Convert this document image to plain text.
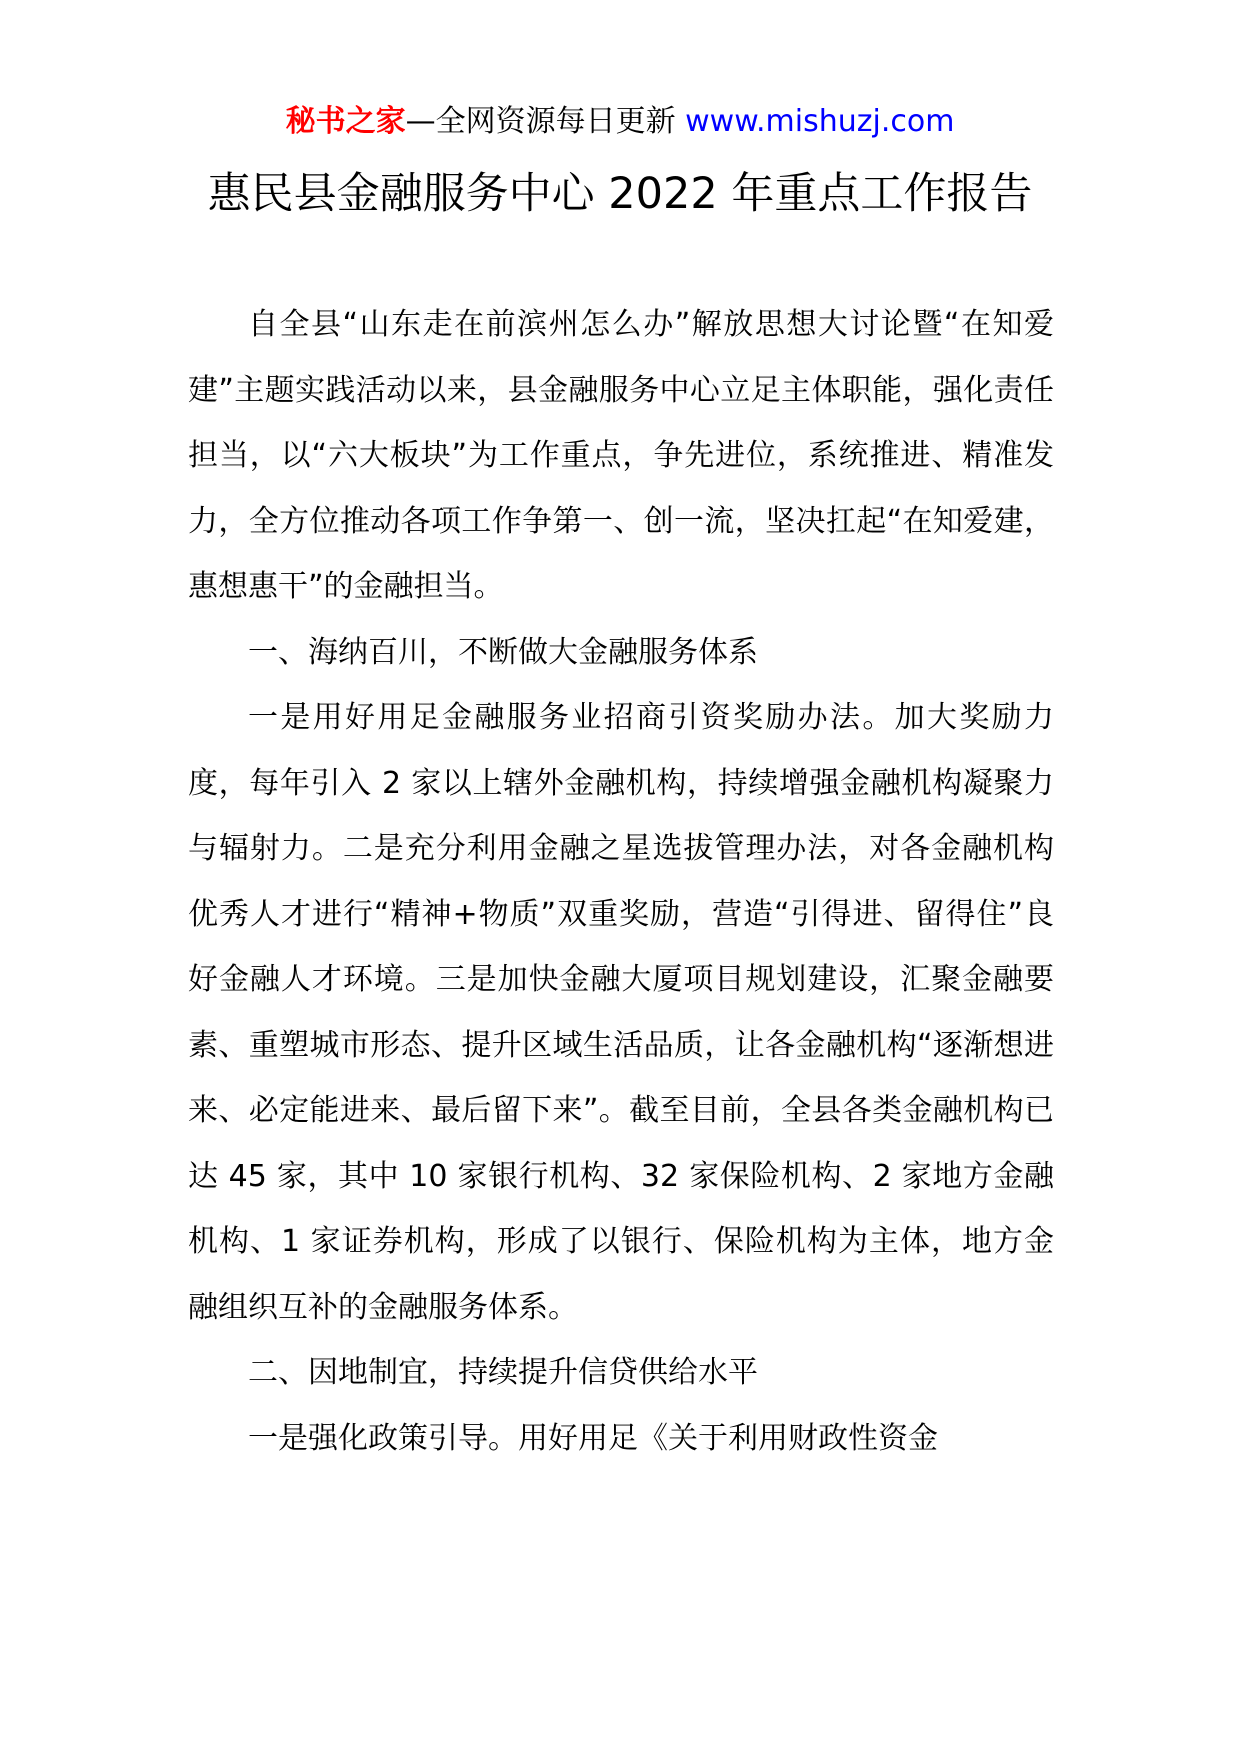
秘书之家—全网资源每日更新 www.mishuzj.com
惠民县金融服务中心 2022 年重点工作报告

自全县“山东走在前滨州怎么办”解放思想大讨论暨“在知爱建”主题实践活动以来，县金融服务中心立足主体职能，强化责任担当，以“六大板块”为工作重点，争先进位，系统推进、精准发力，全方位推动各项工作争第一、创一流，坚决扛起“在知爱建，惠想惠干”的金融担当。

一、海纳百川，不断做大金融服务体系

一是用好用足金融服务业招商引资奖励办法。加大奖励力度，每年引入 2 家以上辖外金融机构，持续增强金融机构凝聚力与辐射力。二是充分利用金融之星选拔管理办法，对各金融机构优秀人才进行“精神+物质”双重奖励，营造“引得进、留得住”良好金融人才环境。三是加快金融大厦项目规划建设，汇聚金融要素、重塑城市形态、提升区域生活品质，让各金融机构“逐渐想进来、必定能进来、最后留下来”。截至目前，全县各类金融机构已达 45 家，其中 10 家银行机构、32 家保险机构、2 家地方金融机构、1 家证券机构，形成了以银行、保险机构为主体，地方金融组织互补的金融服务体系。

二、因地制宜，持续提升信贷供给水平

一是强化政策引导。用好用足《关于利用财政性资金
